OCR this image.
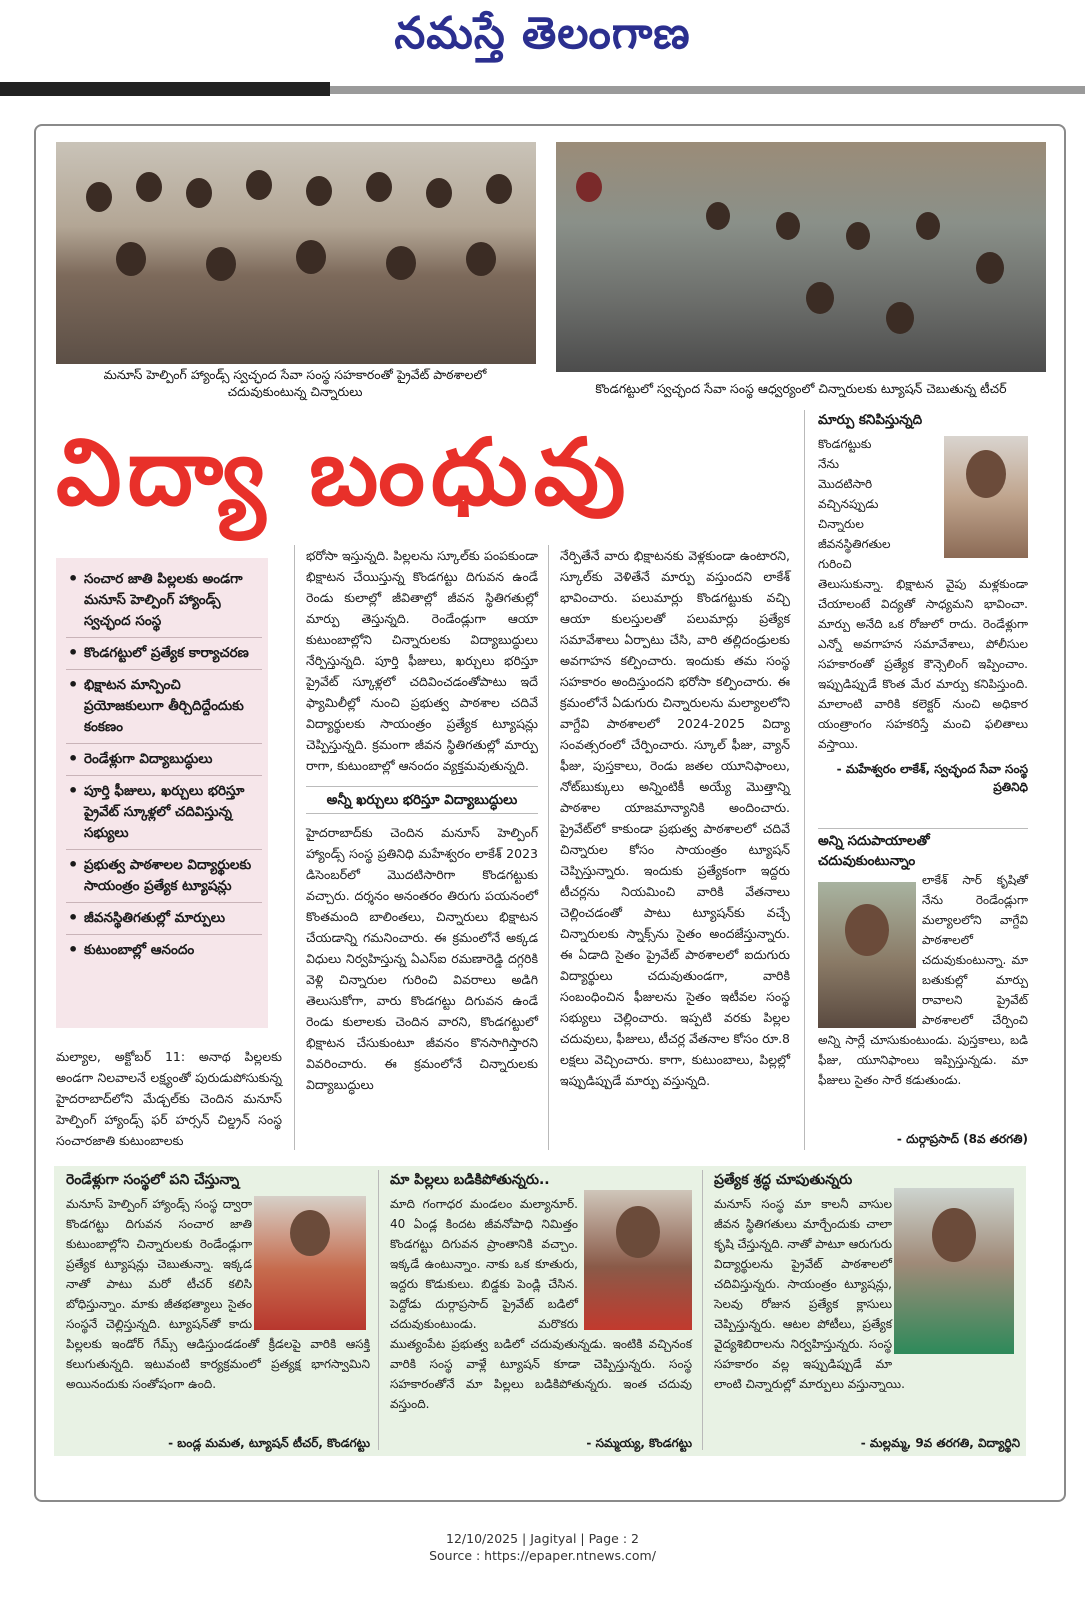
నమస్తే తెలంగాణ
మనూస్ హెల్పింగ్ హ్యాండ్స్ స్వచ్ఛంద సేవా సంస్థ సహకారంతో ప్రైవేట్ పాఠశాలలో చదువుకుంటున్న చిన్నారులు	కొండగట్టులో స్వచ్ఛంద సేవా సంస్థ ఆధ్వర్యంలో చిన్నారులకు ట్యూషన్ చెబుతున్న టీచర్
విద్యా బంధువు
• సంచార జాతి పిల్లలకు అండగా మనూస్ హెల్పింగ్ హ్యాండ్స్ స్వచ్ఛంద సంస్థ
• కొండగట్టులో ప్రత్యేక కార్యాచరణ
• భిక్షాటన మాన్పించి ప్రయోజకులుగా తీర్చిదిద్దేందుకు కంకణం
• రెండేళ్లుగా విద్యాబుద్ధులు
• పూర్తి ఫీజులు, ఖర్చులు భరిస్తూ ప్రైవేట్ స్కూళ్లలో చదివిస్తున్న సభ్యులు
• ప్రభుత్వ పాఠశాలల విద్యార్థులకు సాయంత్రం ప్రత్యేక ట్యూషన్లు
• జీవనస్థితిగతుల్లో మార్పులు
• కుటుంబాల్లో ఆనందం
మల్యాల, అక్టోబర్ 11: అనాథ పిల్లలకు అండగా నిలవాలనే లక్ష్యంతో పురుడుపోసుకున్న హైదరాబాద్‌లోని మేడ్చల్‌కు చెందిన మనూస్ హెల్పింగ్ హ్యాండ్స్ ఫర్ హర్సన్ చిల్డ్రన్ సంస్థ సంచారజాతి కుటుంబాలకు

భరోసా ఇస్తున్నది. పిల్లలను స్కూల్‌కు పంపకుండా భిక్షాటన చేయిస్తున్న కొండగట్టు దిగువన ఉండే రెండు కులాల్లో జీవితాల్లో జీవన స్థితిగతుల్లో మార్పు తెస్తున్నది. రెండేండ్లుగా ఆయా కుటుంబాల్లోని చిన్నారులకు విద్యాబుద్ధులు నేర్పిస్తున్నది. పూర్తి ఫీజులు, ఖర్చులు భరిస్తూ ప్రైవేట్ స్కూళ్లలో చదివించడంతోపాటు ఇదే ఫ్యామిలీల్లో నుంచి ప్రభుత్వ పాఠశాల చదివే విద్యార్థులకు సాయంత్రం ప్రత్యేక ట్యూషన్లు చెప్పిస్తున్నది. క్రమంగా జీవన స్థితిగతుల్లో మార్పు రాగా, కుటుంబాల్లో ఆనందం వ్యక్తమవుతున్నది.

అన్నీ ఖర్చులు భరిస్తూ విద్యాబుద్ధులు

హైదరాబాద్‌కు చెందిన మనూస్ హెల్పింగ్ హ్యాండ్స్ సంస్థ ప్రతినిధి మహేశ్వరం లాకేశ్ 2023 డిసెంబర్‌లో మొదటిసారిగా కొండగట్టుకు వచ్చారు. దర్శనం అనంతరం తిరుగు పయనంలో కొంతమంది బాలింతలు, చిన్నారులు భిక్షాటన చేయడాన్ని గమనించారు. ఈ క్రమంలోనే అక్కడ విధులు నిర్వహిస్తున్న ఏఎస్ఐ రమణారెడ్డి దగ్గరికి వెళ్లి చిన్నారుల గురించి వివరాలు అడిగి తెలుసుకోగా, వారు కొండగట్టు దిగువన ఉండే రెండు కులాలకు చెందిన వారని, కొండగట్టులో భిక్షాటన చేసుకుంటూ జీవనం కొనసాగిస్తారని వివరించారు. ఈ క్రమంలోనే చిన్నారులకు విద్యాబుద్ధులు

నేర్పితేనే వారు భిక్షాటనకు వెళ్లకుండా ఉంటారని, స్కూల్‌కు వెళితేనే మార్పు వస్తుందని లాకేశ్ భావించారు. పలుమార్లు కొండగట్టుకు వచ్చి ఆయా కులస్తులతో పలుమార్లు ప్రత్యేక సమావేశాలు ఏర్పాటు చేసి, వారి తల్లిదండ్రులకు అవగాహన కల్పించారు. ఇందుకు తమ సంస్థ సహకారం అందిస్తుందని భరోసా కల్పించారు. ఈ క్రమంలోనే ఏడుగురు చిన్నారులను మల్యాలలోని వాగ్దేవి పాఠశాలలో 2024-2025 విద్యా సంవత్సరంలో చేర్పించారు. స్కూల్ ఫీజు, వ్యాన్ ఫీజు, పుస్తకాలు, రెండు జతల యూనిఫాంలు, నోట్‌బుక్కులు అన్నింటికీ అయ్యే మొత్తాన్ని పాఠశాల యాజమాన్యానికి అందించారు. ప్రైవేట్‌లో కాకుండా ప్రభుత్వ పాఠశాలలో చదివే చిన్నారుల కోసం సాయంత్రం ట్యూషన్ చెప్పిస్తున్నారు. ఇందుకు ప్రత్యేకంగా ఇద్దరు టీచర్లను నియమించి వారికి వేతనాలు చెల్లించడంతో పాటు ట్యూషన్‌కు వచ్చే చిన్నారులకు స్నాక్స్‌ను సైతం అందజేస్తున్నారు. ఈ ఏడాది సైతం ప్రైవేట్ పాఠశాలలో ఐదుగురు విద్యార్థులు చదువుతుండగా, వారికి సంబంధించిన ఫీజులను సైతం ఇటీవల సంస్థ సభ్యులు చెల్లించారు. ఇప్పటి వరకు పిల్లల చదువులు, ఫీజులు, టీచర్ల వేతనాల కోసం రూ.8 లక్షలు వెచ్చించారు. కాగా, కుటుంబాలు, పిల్లల్లో ఇప్పుడిప్పుడే మార్పు వస్తున్నది.

మార్పు కనిపిస్తున్నది

కొండగట్టుకు నేను మొదటిసారి వచ్చినప్పుడు చిన్నారుల జీవనస్థితిగతుల గురించి తెలుసుకున్నా. భిక్షాటన వైపు మళ్లకుండా చేయాలంటే విద్యతో సాధ్యమని భావించా. మార్పు అనేది ఒక రోజులో రాదు. రెండేళ్లుగా ఎన్నో అవగాహన సమావేశాలు, పోలీసుల సహకారంతో ప్రత్యేక కౌన్సెలింగ్ ఇప్పించాం. ఇప్పుడిప్పుడే కొంత మేర మార్పు కనిపిస్తుంది. మాలాంటి వారికి కలెక్టర్ నుంచి అధికార యంత్రాంగం సహకరిస్తే మంచి ఫలితాలు వస్తాయి.

- మహేశ్వరం లాకేశ్, స్వచ్ఛంద సేవా సంస్థ ప్రతినిధి
అన్ని సదుపాయాలతో చదువుకుంటున్నాం

లాకేశ్ సార్ కృషితో నేను రెండేండ్లుగా మల్యాలలోని వాగ్దేవి పాఠశాలలో చదువుకుంటున్నా. మా బతుకుల్లో మార్పు రావాలని ప్రైవేట్ పాఠశాలలో చేర్పించి అన్ని సార్లే చూసుకుంటుండు. పుస్తకాలు, బడి ఫీజు, యూనిఫాంలు ఇప్పిస్తున్నడు. మా ఫీజులు సైతం సారే కడుతుండు.

- దుర్గాప్రసాద్ (8వ తరగతి)
రెండేళ్లుగా సంస్థలో పని చేస్తున్నా

మనూస్ హెల్పింగ్ హ్యాండ్స్ సంస్థ ద్వారా కొండగట్టు దిగువన సంచార జాతి కుటుంబాల్లోని చిన్నారులకు రెండేండ్లుగా ప్రత్యేక ట్యూషన్లు చెబుతున్నా. ఇక్కడ నాతో పాటు మరో టీచర్ కలిసి బోధిస్తున్నాం. మాకు జీతభత్యాలు సైతం సంస్థనే చెల్లిస్తున్నది. ట్యూషన్‌తో కాదు పిల్లలకు ఇండోర్ గేమ్స్ ఆడిస్తుండడంతో క్రీడలపై వారికి ఆసక్తి కలుగుతున్నది. ఇటువంటి కార్యక్రమంలో ప్రత్యక్ష భాగస్వామిని అయినందుకు సంతోషంగా ఉంది.

- బండ్ల మమత, ట్యూషన్ టీచర్, కొండగట్టు
మా పిల్లలు బడికిపోతున్నరు..

మాది గంగాధర మండలం మల్యానూర్. 40 ఏండ్ల కిందట జీవనోపాధి నిమిత్తం కొండగట్టు దిగువన ప్రాంతానికి వచ్చాం. ఇక్కడే ఉంటున్నాం. నాకు ఒక కూతురు, ఇద్దరు కొడుకులు. బిడ్డకు పెండ్లి చేసిన. పెద్దోడు దుర్గాప్రసాద్ ప్రైవేట్ బడిలో చదువుకుంటుండు. మరొకరు ముత్యంపేట ప్రభుత్వ బడిలో చదువుతున్నడు. ఇంటికి వచ్చినంక వారికి సంస్థ వాళ్లే ట్యూషన్ కూడా చెప్పిస్తున్నరు. సంస్థ సహకారంతోనే మా పిల్లలు బడికిపోతున్నరు. ఇంత చదువు వస్తుంది.

- సమ్మయ్య, కొండగట్టు
ప్రత్యేక శ్రద్ధ చూపుతున్నరు

మనూస్ సంస్థ మా కాలనీ వాసుల జీవన స్థితిగతులు మార్చేందుకు చాలా కృషి చేస్తున్నది. నాతో పాటూ ఆరుగురు విద్యార్థులను ప్రైవేట్ పాఠశాలలో చదివిస్తున్నరు. సాయంత్రం ట్యూషన్లు, సెలవు రోజున ప్రత్యేక క్లాసులు చెప్పిస్తున్నరు. ఆటల పోటీలు, ప్రత్యేక వైద్యశిబిరాలను నిర్వహిస్తున్నరు. సంస్థ సహకారం వల్ల ఇప్పుడిప్పుడే మా లాంటి చిన్నారుల్లో మార్పులు వస్తున్నాయి.

- మల్లమ్మ, 9వ తరగతి, విద్యార్థిని
12/10/2025 | Jagityal | Page : 2
Source : https://epaper.ntnews.com/
